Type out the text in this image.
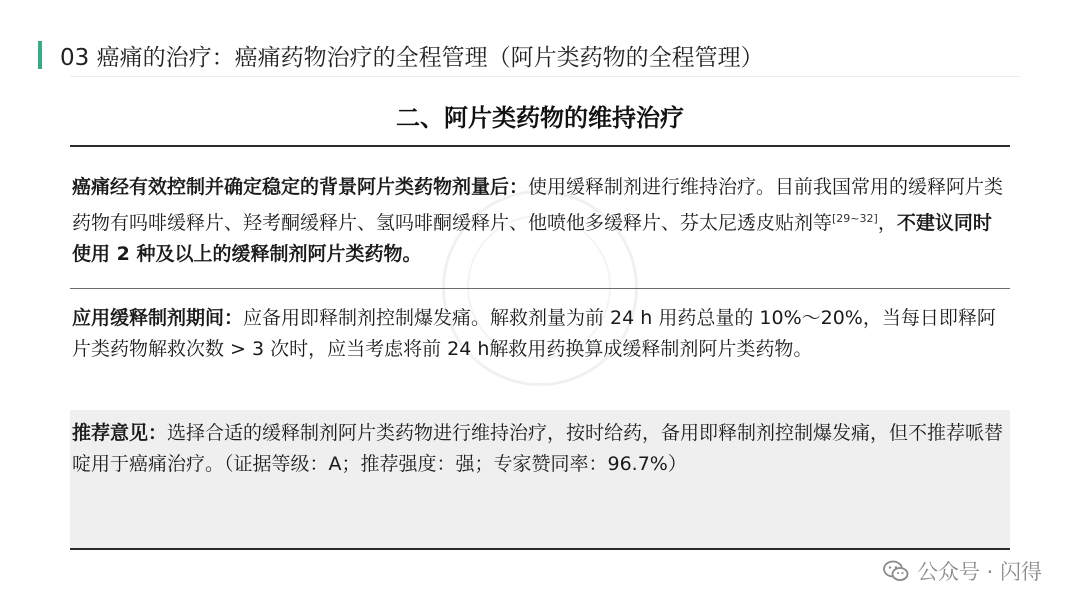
03 癌痛的治疗：癌痛药物治疗的全程管理（阿片类药物的全程管理）
二、阿片类药物的维持治疗
癌痛经有效控制并确定稳定的背景阿片类药物剂量后：使用缓释制剂进行维持治疗。目前我国常用的缓释阿片类药物有吗啡缓释片、羟考酮缓释片、氢吗啡酮缓释片、他喷他多缓释片、芬太尼透皮贴剂等[29~32]，不建议同时使用 2 种及以上的缓释制剂阿片类药物。
应用缓释制剂期间：应备用即释制剂控制爆发痛。解救剂量为前 24 h 用药总量的 10%～20%，当每日即释阿片类药物解救次数 > 3 次时，应当考虑将前 24 h解救用药换算成缓释制剂阿片类药物。
推荐意见：选择合适的缓释制剂阿片类药物进行维持治疗，按时给药，备用即释制剂控制爆发痛，但不推荐哌替啶用于癌痛治疗。（证据等级：A；推荐强度：强；专家赞同率：96.7%）
公众号 · 闪得
